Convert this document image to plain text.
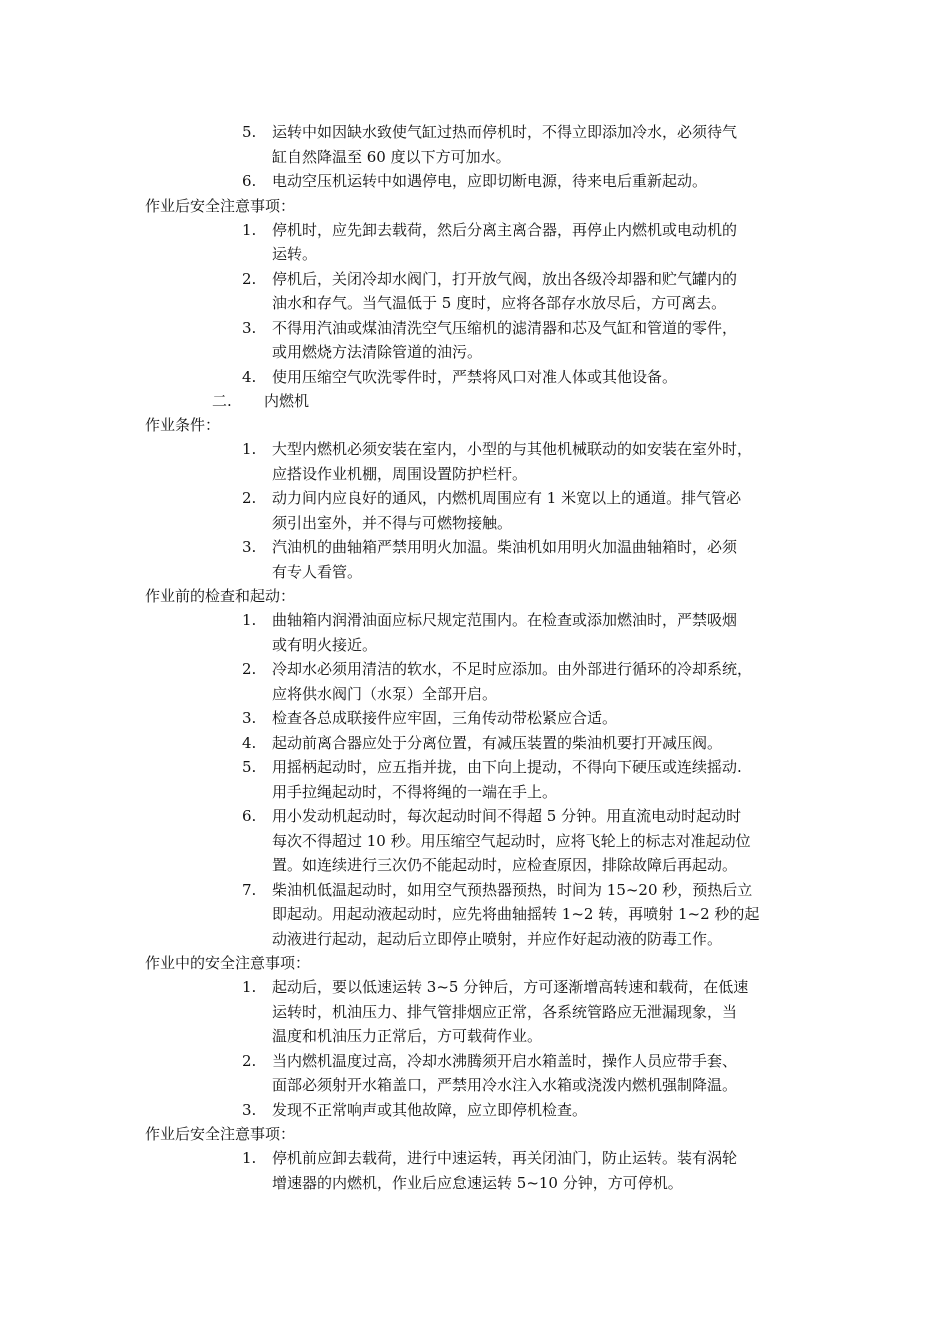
5.	运转中如因缺水致使气缸过热而停机时，不得立即添加冷水，必须待气
缸自然降温至 60 度以下方可加水。
6.	电动空压机运转中如遇停电，应即切断电源，待来电后重新起动。
作业后安全注意事项：
1.	停机时，应先卸去载荷，然后分离主离合器，再停止内燃机或电动机的
运转。
2.	停机后，关闭冷却水阀门，打开放气阀，放出各级冷却器和贮气罐内的
油水和存气。当气温低于 5 度时，应将各部存水放尽后，方可离去。
3.	不得用汽油或煤油清洗空气压缩机的滤清器和芯及气缸和管道的零件，
或用燃烧方法清除管道的油污。
4.	使用压缩空气吹洗零件时，严禁将风口对准人体或其他设备。
二. 内燃机
作业条件：
1.	大型内燃机必须安装在室内，小型的与其他机械联动的如安装在室外时，
应搭设作业机棚，周围设置防护栏杆。
2.	动力间内应良好的通风，内燃机周围应有 1 米宽以上的通道。排气管必
须引出室外，并不得与可燃物接触。
3.	汽油机的曲轴箱严禁用明火加温。柴油机如用明火加温曲轴箱时，必须
有专人看管。
作业前的检查和起动：
1.	曲轴箱内润滑油面应标尺规定范围内。在检查或添加燃油时，严禁吸烟
或有明火接近。
2.	冷却水必须用清洁的软水，不足时应添加。由外部进行循环的冷却系统，
应将供水阀门（水泵）全部开启。
3.	检查各总成联接件应牢固，三角传动带松紧应合适。
4.	起动前离合器应处于分离位置，有减压装置的柴油机要打开减压阀。
5.	用摇柄起动时，应五指并拢，由下向上提动，不得向下硬压或连续摇动.
用手拉绳起动时，不得将绳的一端在手上。
6.	用小发动机起动时，每次起动时间不得超 5 分钟。用直流电动时起动时
每次不得超过 10 秒。用压缩空气起动时，应将飞轮上的标志对准起动位
置。如连续进行三次仍不能起动时，应检查原因，排除故障后再起动。
7.	柴油机低温起动时，如用空气预热器预热，时间为 15~20 秒，预热后立
即起动。用起动液起动时，应先将曲轴摇转 1~2 转，再喷射 1~2 秒的起
动液进行起动，起动后立即停止喷射，并应作好起动液的防毒工作。
作业中的安全注意事项：
1.	起动后，要以低速运转 3~5 分钟后，方可逐渐增高转速和载荷，在低速
运转时，机油压力、排气管排烟应正常，各系统管路应无泄漏现象，当
温度和机油压力正常后，方可载荷作业。
2.	当内燃机温度过高，冷却水沸腾须开启水箱盖时，操作人员应带手套、
面部必须射开水箱盖口，严禁用冷水注入水箱或浇泼内燃机强制降温。
3.	发现不正常响声或其他故障，应立即停机检查。
作业后安全注意事项：
1.	停机前应卸去载荷，进行中速运转，再关闭油门，防止运转。装有涡轮
增速器的内燃机，作业后应怠速运转 5~10 分钟，方可停机。
